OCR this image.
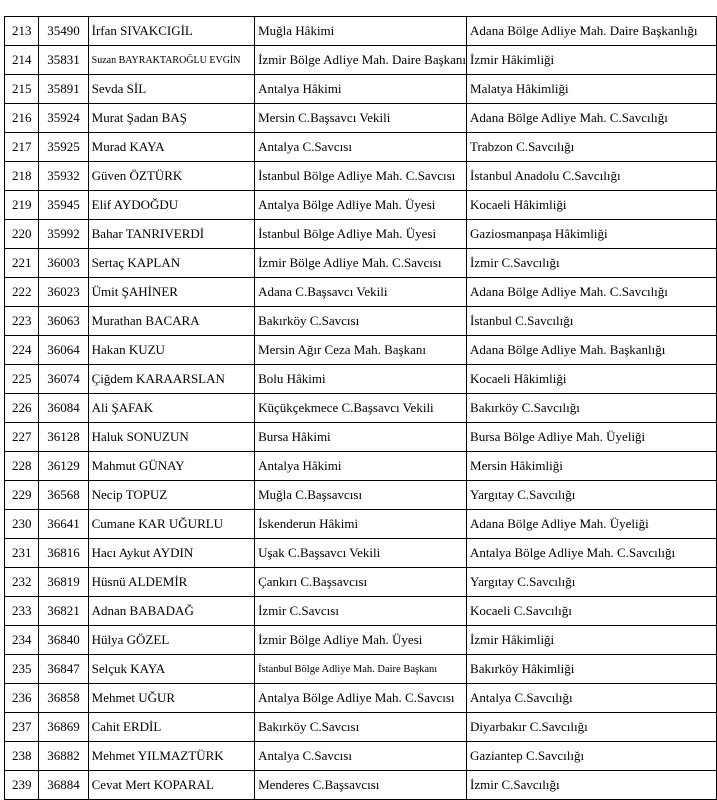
213	35490	İrfan SIVAKCIGİL	Muğla Hâkimi	Adana Bölge Adliye Mah. Daire Başkanlığı
214	35831	Suzan BAYRAKTAROĞLU EVGİN	İzmir Bölge Adliye Mah. Daire Başkanı	İzmir Hâkimliği
215	35891	Sevda SİL	Antalya Hâkimi	Malatya Hâkimliği
216	35924	Murat Şadan BAŞ	Mersin C.Başsavcı Vekili	Adana Bölge Adliye Mah. C.Savcılığı
217	35925	Murad KAYA	Antalya C.Savcısı	Trabzon C.Savcılığı
218	35932	Güven ÖZTÜRK	İstanbul Bölge Adliye Mah. C.Savcısı	İstanbul Anadolu C.Savcılığı
219	35945	Elif AYDOĞDU	Antalya Bölge Adliye Mah. Üyesi	Kocaeli Hâkimliği
220	35992	Bahar TANRIVERDİ	İstanbul Bölge Adliye Mah. Üyesi	Gaziosmanpaşa Hâkimliği
221	36003	Sertaç KAPLAN	İzmir Bölge Adliye Mah. C.Savcısı	İzmir C.Savcılığı
222	36023	Ümit ŞAHİNER	Adana C.Başsavcı Vekili	Adana Bölge Adliye Mah. C.Savcılığı
223	36063	Murathan BACARA	Bakırköy C.Savcısı	İstanbul C.Savcılığı
224	36064	Hakan KUZU	Mersin Ağır Ceza Mah. Başkanı	Adana Bölge Adliye Mah. Başkanlığı
225	36074	Çiğdem KARAARSLAN	Bolu Hâkimi	Kocaeli Hâkimliği
226	36084	Ali ŞAFAK	Küçükçekmece C.Başsavcı Vekili	Bakırköy C.Savcılığı
227	36128	Haluk SONUZUN	Bursa Hâkimi	Bursa Bölge Adliye Mah. Üyeliği
228	36129	Mahmut GÜNAY	Antalya Hâkimi	Mersin Hâkimliği
229	36568	Necip TOPUZ	Muğla C.Başsavcısı	Yargıtay C.Savcılığı
230	36641	Cumane KAR UĞURLU	İskenderun Hâkimi	Adana Bölge Adliye Mah. Üyeliği
231	36816	Hacı Aykut AYDIN	Uşak C.Başsavcı Vekili	Antalya Bölge Adliye Mah. C.Savcılığı
232	36819	Hüsnü ALDEMİR	Çankırı C.Başsavcısı	Yargıtay C.Savcılığı
233	36821	Adnan BABADAĞ	İzmir C.Savcısı	Kocaeli C.Savcılığı
234	36840	Hülya GÖZEL	İzmir Bölge Adliye Mah. Üyesi	İzmir Hâkimliği
235	36847	Selçuk KAYA	İstanbul Bölge Adliye Mah. Daire Başkanı	Bakırköy Hâkimliği
236	36858	Mehmet UĞUR	Antalya Bölge Adliye Mah. C.Savcısı	Antalya C.Savcılığı
237	36869	Cahit ERDİL	Bakırköy C.Savcısı	Diyarbakır C.Savcılığı
238	36882	Mehmet YILMAZTÜRK	Antalya C.Savcısı	Gaziantep C.Savcılığı
239	36884	Cevat Mert KOPARAL	Menderes C.Başsavcısı	İzmir C.Savcılığı
